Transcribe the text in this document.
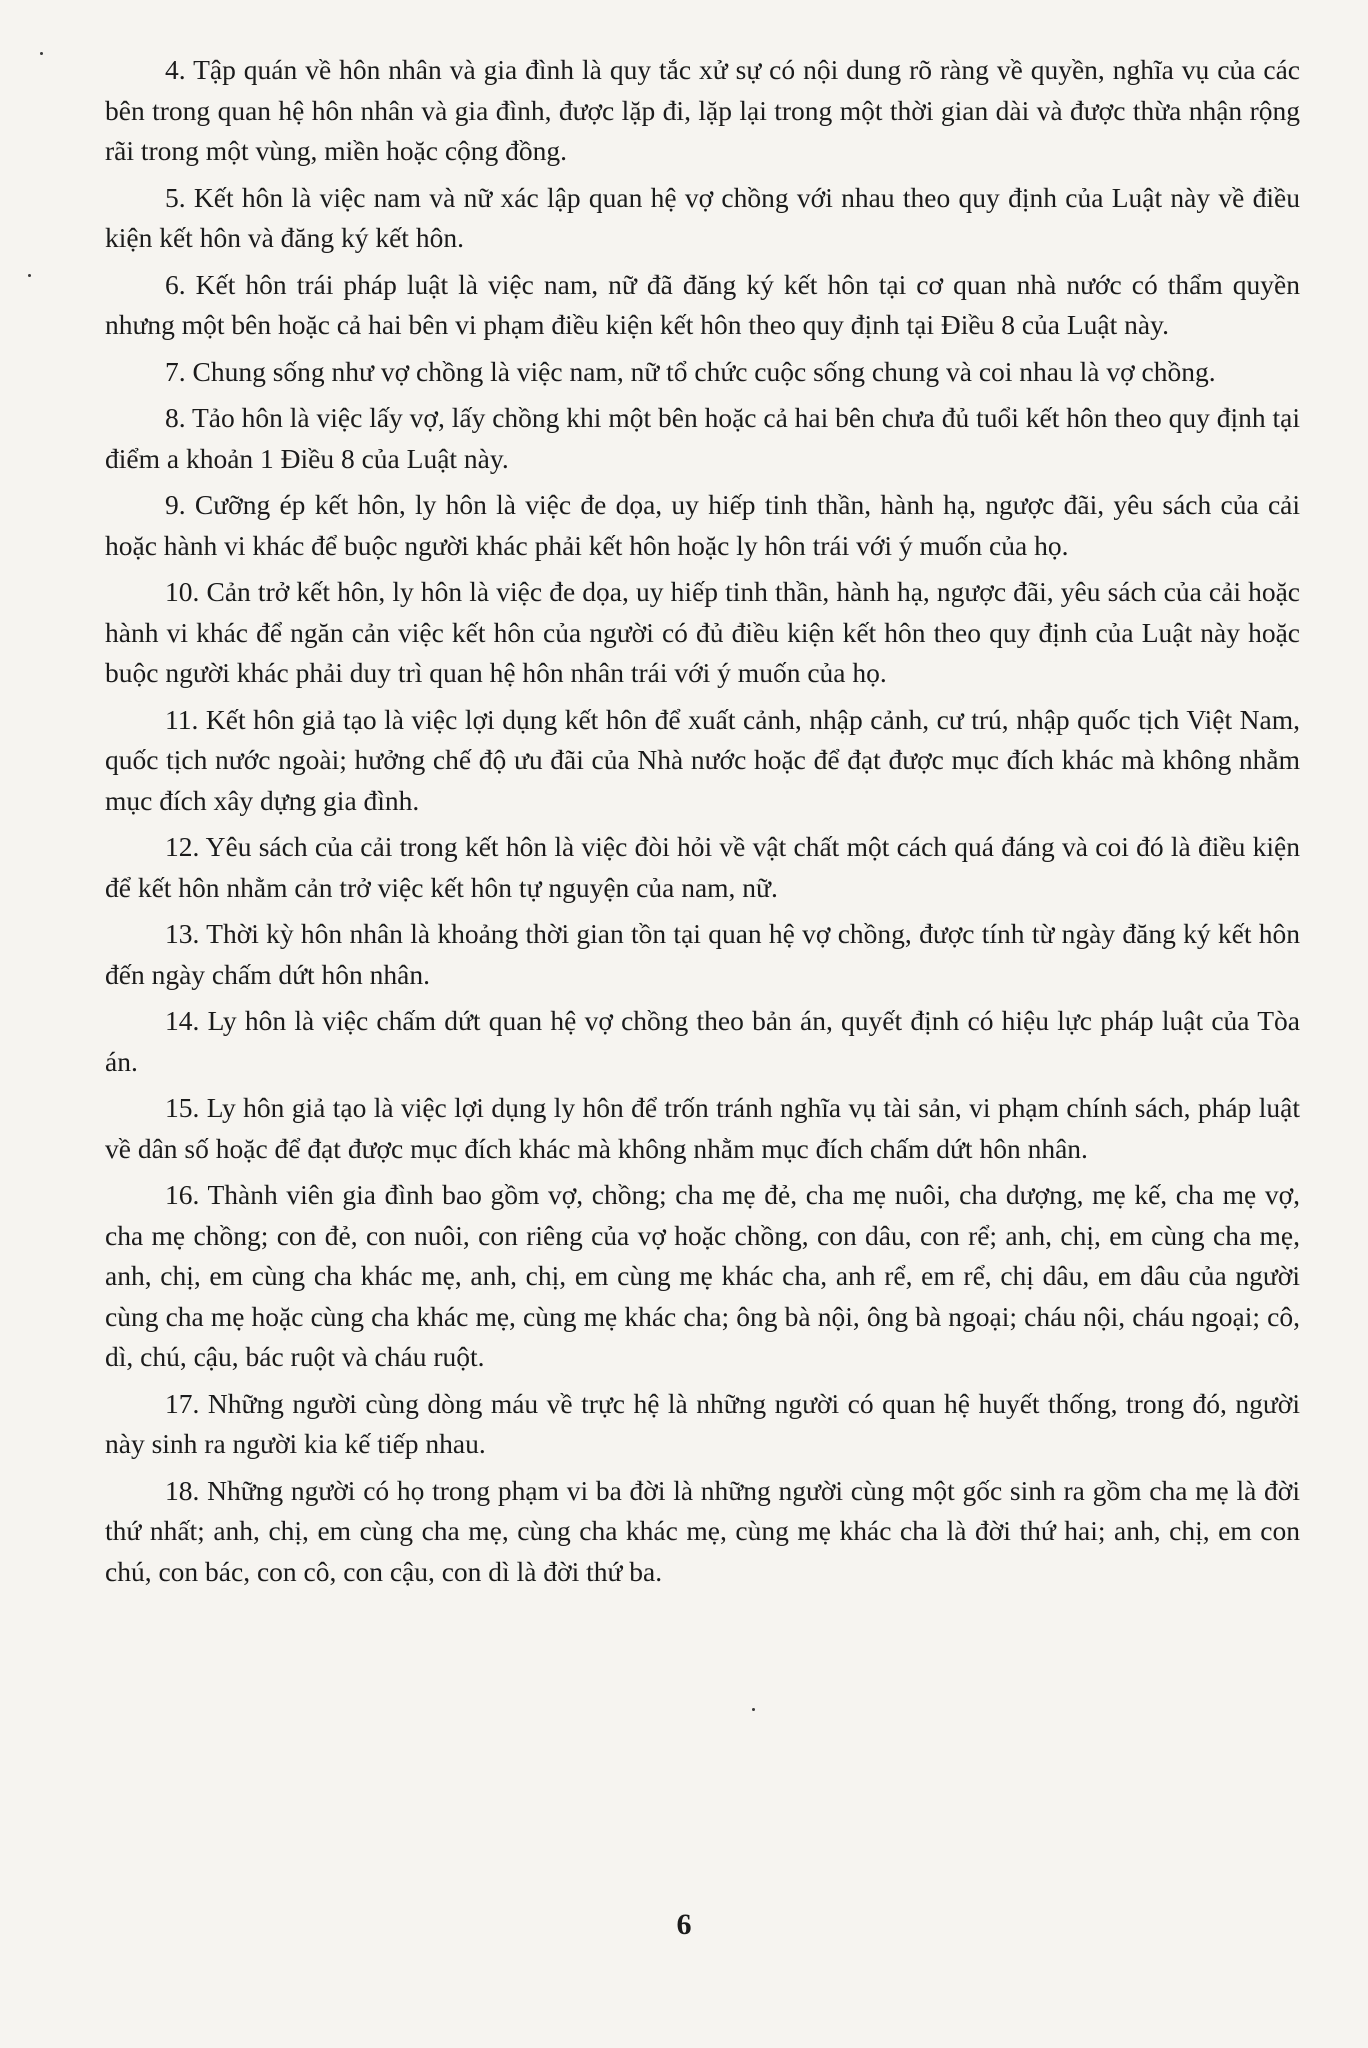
4. Tập quán về hôn nhân và gia đình là quy tắc xử sự có nội dung rõ ràng về quyền, nghĩa vụ của các bên trong quan hệ hôn nhân và gia đình, được lặp đi, lặp lại trong một thời gian dài và được thừa nhận rộng rãi trong một vùng, miền hoặc cộng đồng.

5. Kết hôn là việc nam và nữ xác lập quan hệ vợ chồng với nhau theo quy định của Luật này về điều kiện kết hôn và đăng ký kết hôn.

6. Kết hôn trái pháp luật là việc nam, nữ đã đăng ký kết hôn tại cơ quan nhà nước có thẩm quyền nhưng một bên hoặc cả hai bên vi phạm điều kiện kết hôn theo quy định tại Điều 8 của Luật này.

7. Chung sống như vợ chồng là việc nam, nữ tổ chức cuộc sống chung và coi nhau là vợ chồng.

8. Tảo hôn là việc lấy vợ, lấy chồng khi một bên hoặc cả hai bên chưa đủ tuổi kết hôn theo quy định tại điểm a khoản 1 Điều 8 của Luật này.

9. Cưỡng ép kết hôn, ly hôn là việc đe dọa, uy hiếp tinh thần, hành hạ, ngược đãi, yêu sách của cải hoặc hành vi khác để buộc người khác phải kết hôn hoặc ly hôn trái với ý muốn của họ.

10. Cản trở kết hôn, ly hôn là việc đe dọa, uy hiếp tinh thần, hành hạ, ngược đãi, yêu sách của cải hoặc hành vi khác để ngăn cản việc kết hôn của người có đủ điều kiện kết hôn theo quy định của Luật này hoặc buộc người khác phải duy trì quan hệ hôn nhân trái với ý muốn của họ.

11. Kết hôn giả tạo là việc lợi dụng kết hôn để xuất cảnh, nhập cảnh, cư trú, nhập quốc tịch Việt Nam, quốc tịch nước ngoài; hưởng chế độ ưu đãi của Nhà nước hoặc để đạt được mục đích khác mà không nhằm mục đích xây dựng gia đình.

12. Yêu sách của cải trong kết hôn là việc đòi hỏi về vật chất một cách quá đáng và coi đó là điều kiện để kết hôn nhằm cản trở việc kết hôn tự nguyện của nam, nữ.

13. Thời kỳ hôn nhân là khoảng thời gian tồn tại quan hệ vợ chồng, được tính từ ngày đăng ký kết hôn đến ngày chấm dứt hôn nhân.

14. Ly hôn là việc chấm dứt quan hệ vợ chồng theo bản án, quyết định có hiệu lực pháp luật của Tòa án.

15. Ly hôn giả tạo là việc lợi dụng ly hôn để trốn tránh nghĩa vụ tài sản, vi phạm chính sách, pháp luật về dân số hoặc để đạt được mục đích khác mà không nhằm mục đích chấm dứt hôn nhân.

16. Thành viên gia đình bao gồm vợ, chồng; cha mẹ đẻ, cha mẹ nuôi, cha dượng, mẹ kế, cha mẹ vợ, cha mẹ chồng; con đẻ, con nuôi, con riêng của vợ hoặc chồng, con dâu, con rể; anh, chị, em cùng cha mẹ, anh, chị, em cùng cha khác mẹ, anh, chị, em cùng mẹ khác cha, anh rể, em rể, chị dâu, em dâu của người cùng cha mẹ hoặc cùng cha khác mẹ, cùng mẹ khác cha; ông bà nội, ông bà ngoại; cháu nội, cháu ngoại; cô, dì, chú, cậu, bác ruột và cháu ruột.

17. Những người cùng dòng máu về trực hệ là những người có quan hệ huyết thống, trong đó, người này sinh ra người kia kế tiếp nhau.

18. Những người có họ trong phạm vi ba đời là những người cùng một gốc sinh ra gồm cha mẹ là đời thứ nhất; anh, chị, em cùng cha mẹ, cùng cha khác mẹ, cùng mẹ khác cha là đời thứ hai; anh, chị, em con chú, con bác, con cô, con cậu, con dì là đời thứ ba.

6
